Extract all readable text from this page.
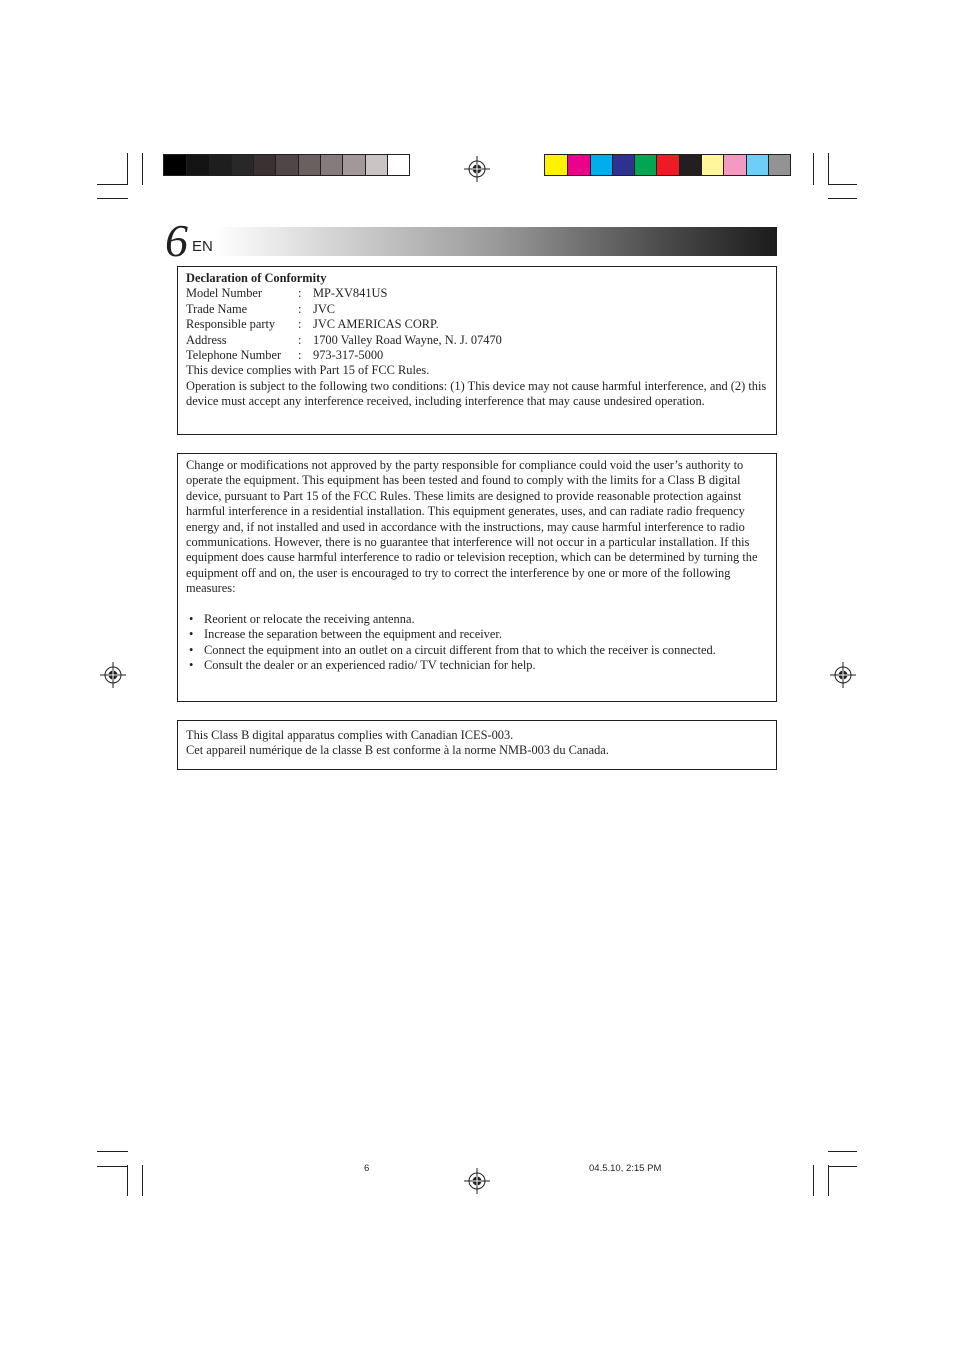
6 EN

Declaration of Conformity

Model Number	: MP-XV841US
Trade Name	: JVC
Responsible party	: JVC AMERICAS CORP.
Address	: 1700 Valley Road Wayne, N. J. 07470
Telephone Number	: 973-317-5000

This device complies with Part 15 of FCC Rules.

Operation is subject to the following two conditions: (1) This device may not cause harmful interference, and (2) this device must accept any interference received, including interference that may cause undesired operation.

Change or modifications not approved by the party responsible for compliance could void the user’s authority to operate the equipment. This equipment has been tested and found to comply with the limits for a Class B digital device, pursuant to Part 15 of the FCC Rules. These limits are designed to provide reasonable protection against harmful interference in a residential installation. This equipment generates, uses, and can radiate radio frequency energy and, if not installed and used in accordance with the instructions, may cause harmful interference to radio communications. However, there is no guarantee that interference will not occur in a particular installation. If this equipment does cause harmful interference to radio or television reception, which can be determined by turning the equipment off and on, the user is encouraged to try to correct the interference by one or more of the following measures:

• Reorient or relocate the receiving antenna.
• Increase the separation between the equipment and receiver.
• Connect the equipment into an outlet on a circuit different from that to which the receiver is connected.
• Consult the dealer or an experienced radio/ TV technician for help.

This Class B digital apparatus complies with Canadian ICES-003.

Cet appareil numérique de la classe B est conforme à la norme NMB-003 du Canada.

6	04.5.10, 2:15 PM
